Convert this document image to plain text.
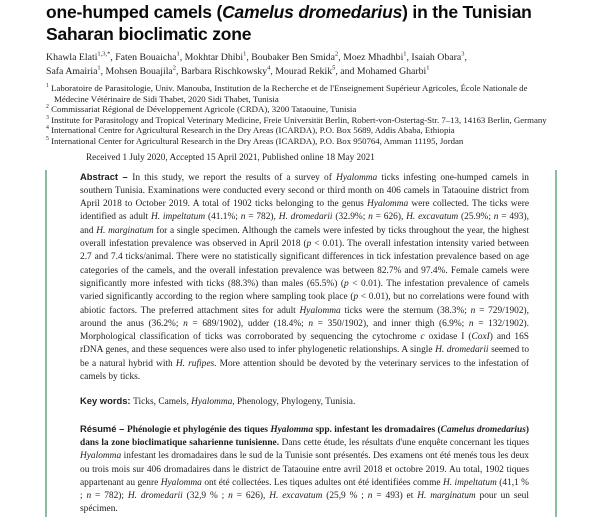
one-humped camels (Camelus dromedarius) in the Tunisian
Saharan bioclimatic zone

Khawla Elati$^{1,3,*}$, Faten Bouaicha$^1$, Mokhtar Dhibi$^1$, Boubaker Ben Smida$^2$, Moez Mhadhbi$^1$, Isaiah Obara$^3$,
Safa Amairia$^1$, Mohsen Bouajila$^2$, Barbara Rischkowsky$^4$, Mourad Rekik$^5$, and Mohamed Gharbi$^1$

$^1$ Laboratoire de Parasitologie, Univ. Manouba, Institution de la Recherche et de l'Enseignement Supérieur Agricoles, École Nationale de Médecine Vétérinaire de Sidi Thabet, 2020 Sidi Thabet, Tunisia
$^2$ Commissariat Régional de Développement Agricole (CRDA), 3200 Tataouine, Tunisia
$^3$ Institute for Parasitology and Tropical Veterinary Medicine, Freie Universität Berlin, Robert-von-Ostertag-Str. 7–13, 14163 Berlin, Germany
$^4$ International Centre for Agricultural Research in the Dry Areas (ICARDA), P.O. Box 5689, Addis Ababa, Ethiopia
$^5$ International Center for Agricultural Research in the Dry Areas (ICARDA), P.O. Box 950764, Amman 11195, Jordan
Received 1 July 2020, Accepted 15 April 2021, Published online 18 May 2021

Abstract – In this study, we report the results of a survey of Hyalomma ticks infesting one-humped camels in southern Tunisia. Examinations were conducted every second or third month on 406 camels in Tataouine district from April 2018 to October 2019. A total of 1902 ticks belonging to the genus Hyalomma were collected. The ticks were identified as adult H. impeltatum (41.1%; n = 782), H. dromedarii (32.9%; n = 626), H. excavatum (25.9%; n = 493), and H. marginatum for a single specimen. Although the camels were infested by ticks throughout the year, the highest overall infestation prevalence was observed in April 2018 (p < 0.01). The overall infestation intensity varied between 2.7 and 7.4 ticks/animal. There were no statistically significant differences in tick infestation prevalence based on age categories of the camels, and the overall infestation prevalence was between 82.7% and 97.4%. Female camels were significantly more infested with ticks (88.3%) than males (65.5%) (p < 0.01). The infestation prevalence of camels varied significantly according to the region where sampling took place (p < 0.01), but no correlations were found with abiotic factors. The preferred attachment sites for adult Hyalomma ticks were the sternum (38.3%; n = 729/1902), around the anus (36.2%; n = 689/1902), udder (18.4%; n = 350/1902), and inner thigh (6.9%; n = 132/1902). Morphological classification of ticks was corroborated by sequencing the cytochrome c oxidase I (CoxI) and 16S rDNA genes, and these sequences were also used to infer phylogenetic relationships. A single H. dromedarii seemed to be a natural hybrid with H. rufipes. More attention should be devoted by the veterinary services to the infestation of camels by ticks.

Key words: Ticks, Camels, Hyalomma, Phenology, Phylogeny, Tunisia.

Résumé – Phénologie et phylogénie des tiques Hyalomma spp. infestant les dromadaires (Camelus dromedarius) dans la zone bioclimatique saharienne tunisienne. Dans cette étude, les résultats d'une enquête concernant les tiques Hyalomma infestant les dromadaires dans le sud de la Tunisie sont présentés. Des examens ont été menés tous les deux ou trois mois sur 406 dromadaires dans le district de Tataouine entre avril 2018 et octobre 2019. Au total, 1902 tiques appartenant au genre Hyalomma ont été collectées. Les tiques adultes ont été identifiées comme H. impeltatum (41,1 % ; n = 782); H. dromedarii (32,9 % ; n = 626), H. excavatum (25,9 % ; n = 493) et H. marginatum pour un seul spécimen.
